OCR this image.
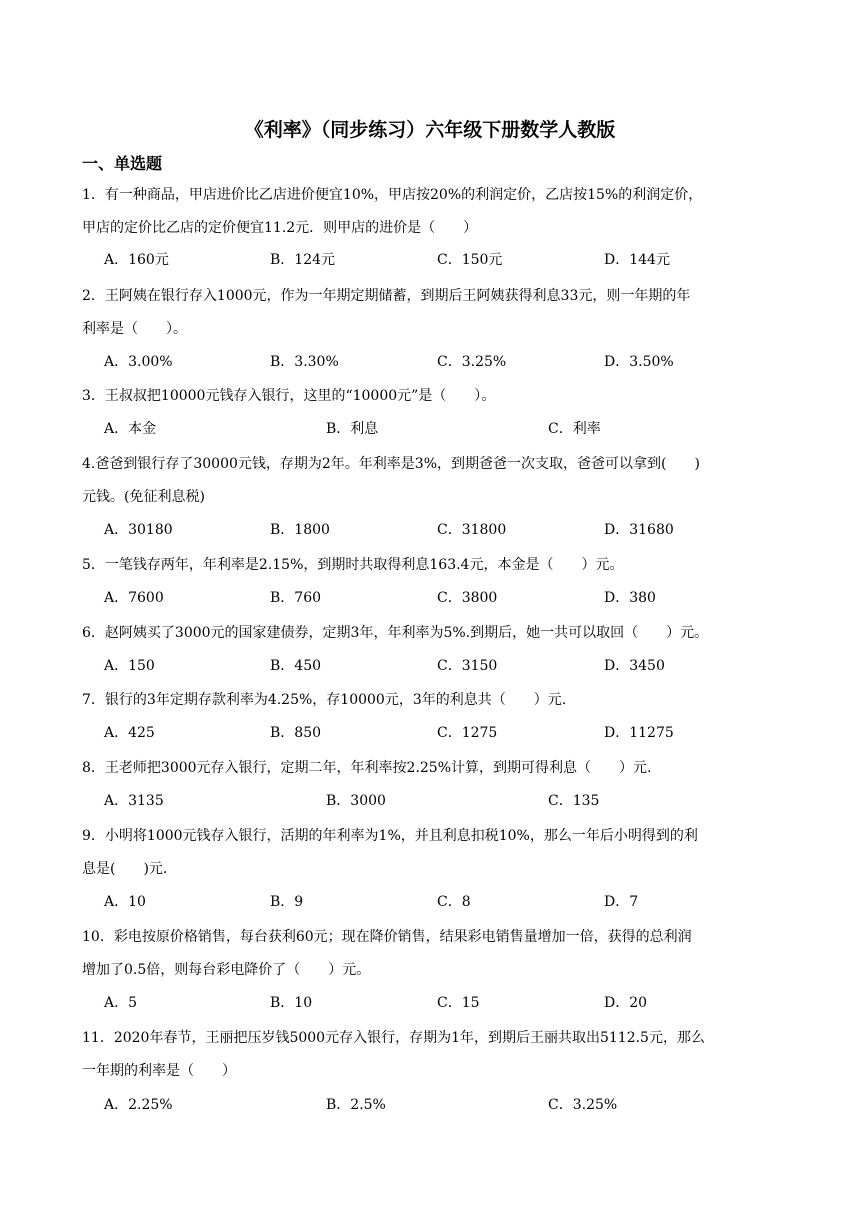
《利率》（同步练习）六年级下册数学人教版
一、单选题
1．有一种商品，甲店进价比乙店进价便宜10%，甲店按20%的利润定价，乙店按15%的利润定价，
甲店的定价比乙店的定价便宜11.2元．则甲店的进价是（　　）
A．160元	B．124元	C．150元	D．144元
2．王阿姨在银行存入1000元，作为一年期定期储蓄，到期后王阿姨获得利息33元，则一年期的年
利率是（　　）。
A．3.00%	B．3.30%	C．3.25%	D．3.50%
3．王叔叔把10000元钱存入银行，这里的“10000元”是（　　）。
A．本金	B．利息	C．利率
4.爸爸到银行存了30000元钱，存期为2年。年利率是3%，到期爸爸一次支取，爸爸可以拿到(　　)
元钱。(免征利息税)
A．30180	B．1800	C．31800	D．31680
5．一笔钱存两年，年利率是2.15%，到期时共取得利息163.4元，本金是（　　）元。
A．7600	B．760	C．3800	D．380
6．赵阿姨买了3000元的国家建债券，定期3年，年利率为5%.到期后，她一共可以取回（　　）元。
A．150	B．450	C．3150	D．3450
7．银行的3年定期存款利率为4.25%，存10000元，3年的利息共（　　）元.
A．425	B．850	C．1275	D．11275
8．王老师把3000元存入银行，定期二年，年利率按2.25%计算，到期可得利息（　　）元.
A．3135	B．3000	C．135
9．小明将1000元钱存入银行，活期的年利率为1%，并且利息扣税10%，那么一年后小明得到的利
息是(　　)元.
A．10	B．9	C．8	D．7
10．彩电按原价格销售，每台获利60元；现在降价销售，结果彩电销售量增加一倍，获得的总利润
增加了0.5倍，则每台彩电降价了（　　）元。
A．5	B．10	C．15	D．20
11．2020年春节，王丽把压岁钱5000元存入银行，存期为1年，到期后王丽共取出5112.5元，那么
一年期的利率是（　　）
A．2.25%	B．2.5%	C．3.25%
